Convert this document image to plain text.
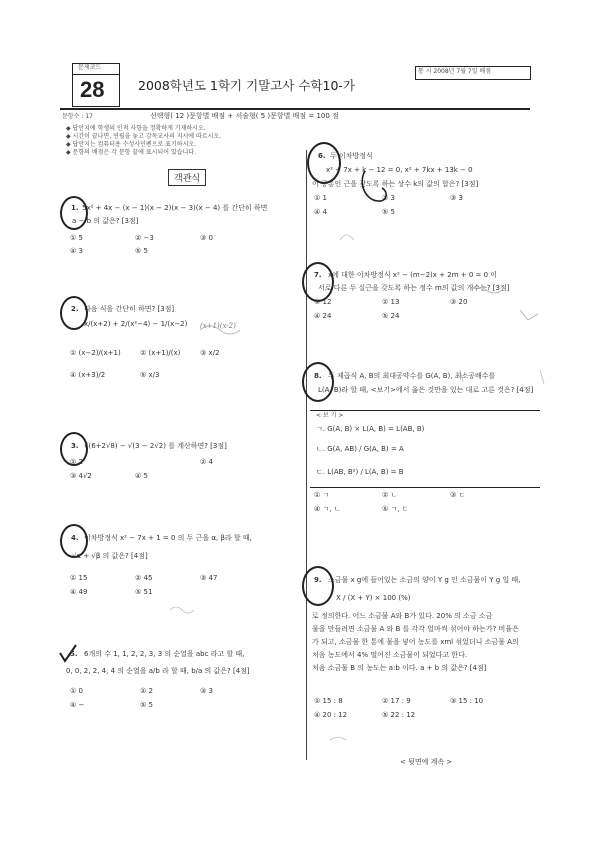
문제코드
28	2008학년도 1학기 기말고사 수학10-가
통 시 2008년 7월 7일 배점
문항수 : 17	선택형( 12 )문항별 배점 + 서술형( 5 )문항별 배점 = 100 점
◆ 답안지에 학생의 인적 사항을 정확하게 기재하시오.
◆ 시간이 끝나면, 연필을 놓고 감독교사의 지시에 따르시오.
◆ 답안지는 컴퓨터용 수성사인펜으로 표기하시오.
◆ 문항의 배점은 각 문항 끝에 표시되어 있습니다.
객관식
1. 5x² + 4x − (x − 1)(x − 2)(x − 3)(x − 4) 를 간단히 하면
a − b 의 값은? [3점]
① 5	② −3	③ 0
④ 3	⑤ 5
2. 다음 식을 간단히 하면? [3점]
x/(x+2) + 2/(x²−4) − 1/(x−2) (x+1)(x-2)
① (x−2)/(x+1)	② (x+1)/(x)	③ x/2
④ (x+3)/2	⑤ x/3
3. √(6+2√8) − √(3 − 2√2) 를 계산하면? [3점]
① 2	② 4
③ 4√2	④ 5
4. 이차방정식 x² − 7x + 1 = 0 의 두 근을 α, β라 할 때,
√α + √β 의 값은? [4점]
① 15	② 45	③ 47
④ 49	⑤ 51
5. 6개의 수 1, 1, 2, 2, 3, 3 의 순열을 abc 라고 할 때,
0, 0, 2, 2, 4, 4 의 순열을 a/b 라 할 때, b/a 의 값은? [4점]
① 0	② 2	③ 3
④ −	⑤ 5
6. 두 이차방정식
x² + 7x + k − 12 = 0, x² + 7kx + 13k − 0
이 공통인 근을 갖도록 하는 상수 k의 값의 합은? [3점]
① 1	② 3	③ 3
④ 4	⑤ 5
7. x에 대한 이차방정식 x² − (m−2)x + 2m + 0 = 0 이
서로 다른 두 실근을 갖도록 하는 정수 m의 값의 개수는? [3점]
① 12	② 13	③ 20
④ 24	⑤ 24
8. 두 제곱식 A, B의 최대공약수를 G(A, B), 최소공배수를
L(A, B)라 할 때, <보기>에서 옳은 것만을 있는 대로 고른 것은? [4점]
< 보 기 >
ㄱ. G(A, B) × L(A, B) = L(AB, B)
ㄴ. G(A, AB) / G(A, B) = A
ㄷ. L(AB, B²) / L(A, B) = B
① ㄱ	② ㄴ	③ ㄷ
④ ㄱ, ㄴ	⑤ ㄱ, ㄷ
9. 소금물 x g에 들어있는 소금의 양이 Y g 인 소금물이 Y g 일 때,
X / (X + Y) × 100 (%)
로 정의한다. 어느 소금물 A와 B가 있다. 20% 의 소금 소금
물을 만들려면 소금물 A 와 B 를 각각 얼마씩 섞어야 하는가? 비율은
가 되고, 소금물 한 통에 물을 넣어 농도를 xml 섞었더니 소금물 A의
처음 농도에서 4% 떨어진 소금물이 되었다고 한다.
처음 소금물 B 의 농도는 a:b 이다. a + b 의 값은? [4점]
① 15 : 8	② 17 : 9	③ 15 : 10
④ 20 : 12	⑤ 22 : 12
< 뒷면에 계속 >
